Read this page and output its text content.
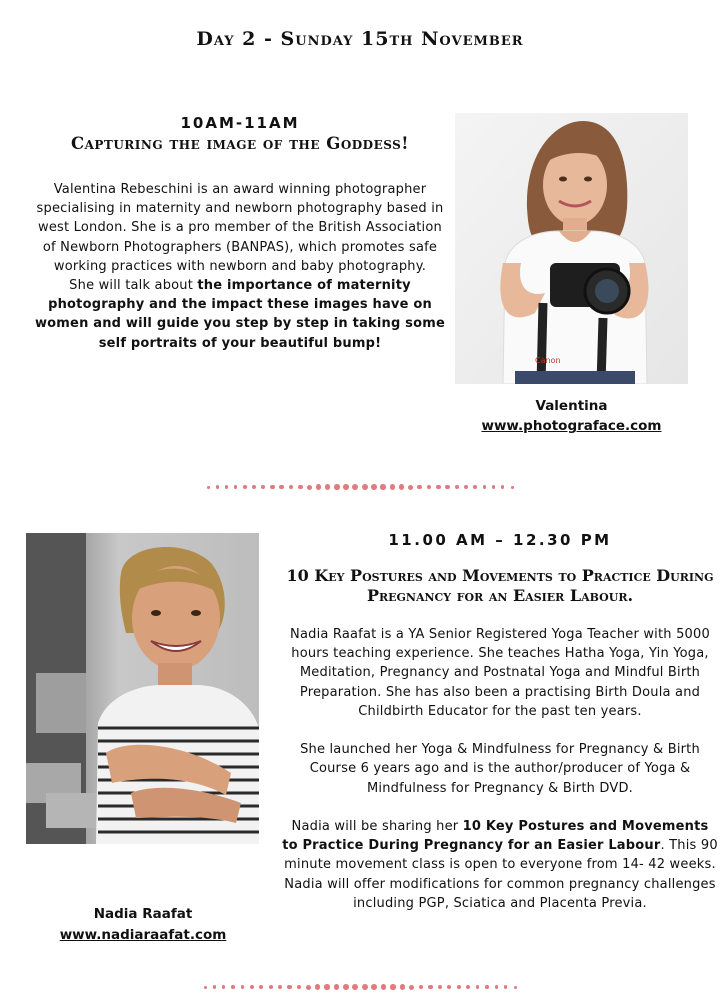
Day 2 - Sunday 15th November
10AM-11AM
Capturing the image of the Goddess!
Valentina Rebeschini is an award winning photographer specialising in maternity and newborn photography based in west London. She is a pro member of the British Association of Newborn Photographers (BANPAS), which promotes safe working practices with newborn and baby photography.
She will talk about the importance of maternity photography and the impact these images have on women and will guide you step by step in taking some self portraits of your beautiful bump!
Canon
Valentina
www.photograface.com
Nadia Raafat
www.nadiaraafat.com
11.00 AM – 12.30 PM
10 Key Postures and Movements to Practice During Pregnancy for an Easier Labour.

Nadia Raafat is a YA Senior Registered Yoga Teacher with 5000 hours teaching experience. She teaches Hatha Yoga, Yin Yoga, Meditation, Pregnancy and Postnatal Yoga and Mindful Birth Preparation. She has also been a practising Birth Doula and Childbirth Educator for the past ten years.

She launched her Yoga & Mindfulness for Pregnancy & Birth Course 6 years ago and is the author/producer of Yoga & Mindfulness for Pregnancy & Birth DVD.

Nadia will be sharing her 10 Key Postures and Movements to Practice During Pregnancy for an Easier Labour. This 90 minute movement class is open to everyone from 14- 42 weeks. Nadia will offer modifications for common pregnancy challenges including PGP, Sciatica and Placenta Previa.
